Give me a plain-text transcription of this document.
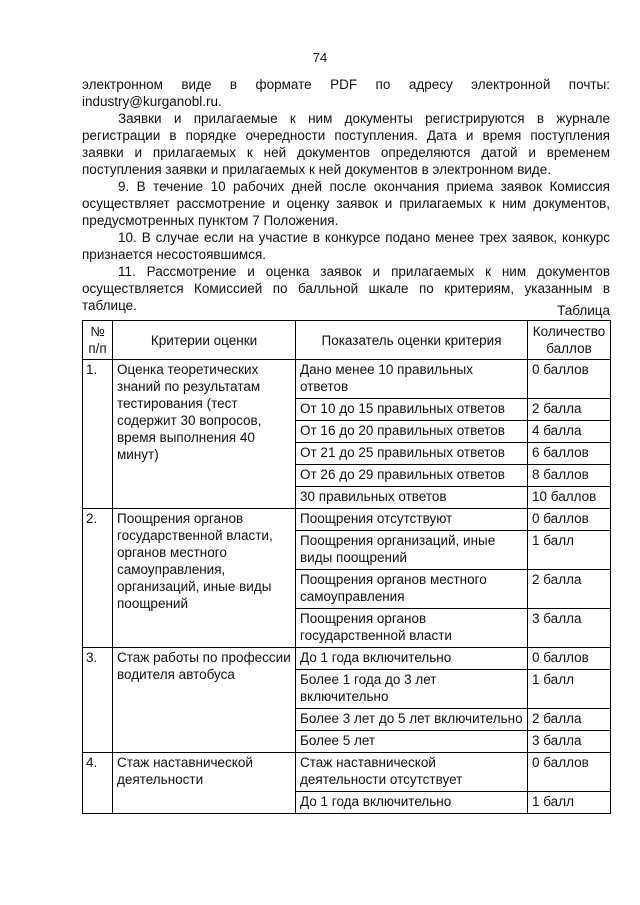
74

электронном виде в формате PDF по адресу электронной почты: industry@kurganobl.ru.

Заявки и прилагаемые к ним документы регистрируются в журнале регистрации в порядке очередности поступления. Дата и время поступления заявки и прилагаемых к ней документов определяются датой и временем поступления заявки и прилагаемых к ней документов в электронном виде.

9. В течение 10 рабочих дней после окончания приема заявок Комиссия осуществляет рассмотрение и оценку заявок и прилагаемых к ним документов, предусмотренных пунктом 7 Положения.

10. В случае если на участие в конкурсе подано менее трех заявок, конкурс признается несостоявшимся.

11. Рассмотрение и оценка заявок и прилагаемых к ним документов осуществляется Комиссией по балльной шкале по критериям, указанным в таблице.	Таблица
№ п/п	Критерии оценки	Показатель оценки критерия	Количество баллов
1.	Оценка теоретических знаний по результатам тестирования (тест содержит 30 вопросов, время выполнения 40 минут)	Дано менее 10 правильных ответов	0 баллов
		От 10 до 15 правильных ответов	2 балла
		От 16 до 20 правильных ответов	4 балла
		От 21 до 25 правильных ответов	6 баллов
		От 26 до 29 правильных ответов	8 баллов
		30 правильных ответов	10 баллов
2.	Поощрения органов государственной власти, органов местного самоуправления, организаций, иные виды поощрений	Поощрения отсутствуют	0 баллов
		Поощрения организаций, иные виды поощрений	1 балл
		Поощрения органов местного самоуправления	2 балла
		Поощрения органов государственной власти	3 балла
3.	Стаж работы по профессии водителя автобуса	До 1 года включительно	0 баллов
		Более 1 года до 3 лет включительно	1 балл
		Более 3 лет до 5 лет включительно	2 балла
		Более 5 лет	3 балла
4.	Стаж наставнической деятельности	Стаж наставнической деятельности отсутствует	0 баллов
		До 1 года включительно	1 балл
